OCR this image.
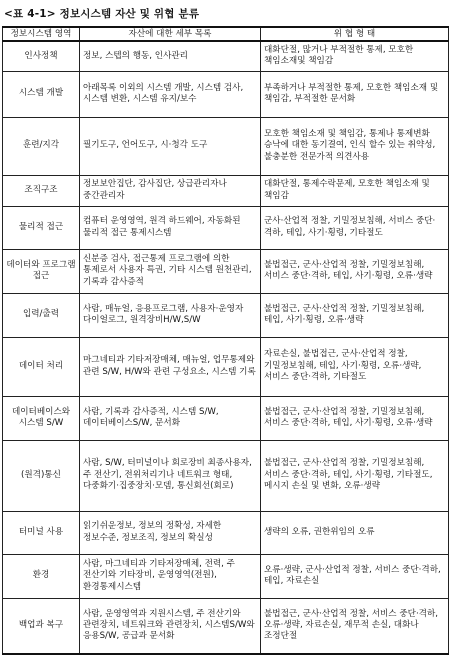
<표 4-1> 정보시스템 자산 및 위협 분류
정보시스템 영역	자산에 대한 세부 목록	위 협 형 태
인사정책	정보, 스텝의 행동, 인사관리	대화단절, 많거나 부적절한 통제, 모호한 책임소재및 책임감
시스템 개발	아래목록 이외의 시스템 개발, 시스템 검사, 시스템 변환, 시스템 유지/보수	부족하거나 부적절한 통제, 모호한 책임소재 및 책임감, 부적절한 문서화
훈련/지각	필기도구, 언어도구, 시·청각 도구	모호한 책임소재 및 책임감, 통제나 통제변화 승낙에 대한 동기결여, 인식 할수 있는 취약성, 불충분한 전문가적 의견사용
조직구조	정보보안집단, 감사집단, 상급관리자나 중간관리자	대화단절, 통제수락문제, 모호한 책임소재 및 책임감
물리적 접근	컴퓨터 운영영역, 원격 하드웨어, 자동화된 물리적 접근 통제시스템	군사·산업적 정찰, 기밀정보침해, 서비스 중단·격하, 테입, 사기·횡령, 기타절도
데이터와 프로그램 접근	신분증 검사, 접근통제 프로그램에 의한 통제로서 사용자 특권, 기타 시스템 원천관리, 기록과 감사증적	불법접근, 군사·산업적 정찰, 기밀정보침해, 서비스 중단·격하, 테입, 사기·횡령, 오류·생략
입력/출력	사람, 매뉴얼, 응용프로그램, 사용자·운영자 다이얼로그, 원격장비H/W,S/W	불법접근, 군사·산업적 정찰, 기밀정보침해, 테입, 사기·횡령, 오류·생략
데이터 처리	마그네티과 기타저장매체, 매뉴얼, 업무통제와 관련 S/W, H/W와 관련 구성요소, 시스템 기록	자료손실, 불법접근, 군사·산업적 정찰, 기밀정보침해, 테입, 사기·횡령, 오류·생략, 서비스 중단·격하, 기타절도
데이터베이스와 시스템 S/W	사람, 기록과 감사증적, 시스템 S/W, 데이터베이스S/W, 문서화	불법접근, 군사·산업적 정찰, 기밀정보침해, 서비스 중단·격하, 테입, 사기·횡령, 오류·생략
(원격)통신	사람, S/W, 터미널이나 회로장비 최종사용자, 주 전산기, 전위처리기나 네트워크 형태, 다중화기·집중장치·모뎀, 통신회선(회로)	불법접근, 군사·산업적 정찰, 기밀정보침해, 서비스 중단·격하, 테입, 사기·횡령, 기타절도, 메시지 손실 및 변화, 오류·생략
터미널 사용	읽기쉬운정보, 정보의 정확성, 자세한 정보수준, 정보조직, 정보의 확실성	생략의 오류, 권한위임의 오류
환경	사람, 마그네티과 기타저장매체, 전력, 주 전산기와 기타장비, 운영영역(전원), 환경통제시스템	오류·생략, 군사·산업적 정찰, 서비스 중단·격하, 테입, 자료손실
백업과 복구	사람, 운영영역과 지원시스템, 주 전산기와 관련장치, 네트워크와 관련장치, 시스템S/W와 응용S/W, 공급과 문서화	불법접근, 군사·산업적 정찰, 서비스 중단·격하, 오류·생략, 자료손실, 재무적 손실, 대화나 조정단절
